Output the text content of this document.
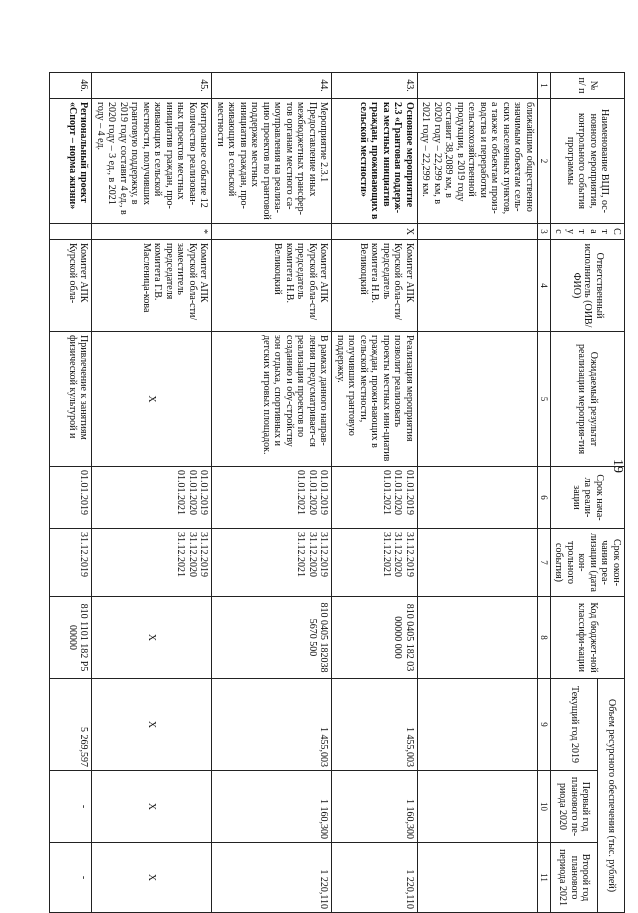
19
№ п/ п	Наименование ВЦП, ос-новного мероприятия, контрольного события программы	С т а т у с	Ответственный исполнитель (ОИВ/ФИО)	Ожидаемый результат реализации мероприя-тия	Срок нача-ла реали-зации	Срок окон-чания реа-лизации (дата кон-трольного события)	Код бюджет-ной классифи-кации	Объем ресурсного обеспечения (тыс. рублей)		
								Текущий год 2019	Первый год планового пе-риода 2020	Второй год планового периода 2021
1	2	3	4	5	6	7	8	9	10	11
	ближайшим общественно значимым объектам сель-ских населенных пунктов, а также к объектам произ-водства и переработки сельскохозяйственной продукции, в 2019 году составит 38,2089 км, в 2020 году – 22,299 км, в 2021 году – 22,299 км.									
43.	Основное мероприятие 2.3 «Грантовая поддерж-ка местных инициатив граждан, проживающих в сельской местности»	Х	Комитет АПК Курской обла-сти/председатель комитета Н.В. Великоцкий	Реализация мероприятия позволит реализовать проекты местных ини-циатив граждан, прожи-вающих в сельской местности, получивших грантовую поддержку.	01.01.2019 01.01.2020 01.01.2021	31.12.2019 31.12.2020 31.12.2021	810 0405 182 03 00000 000	1 455,003	1 160,300	1 220,110
44.	Мероприятие 2.3.1 Предоставление иных межбюджетных трансфер-тов органам местного са-моуправления на реализа-цию проектов по грантовой поддержке местных инициатив граждан, про-живающих в сельской местности		Комитет АПК Курской обла-сти/председатель комитета Н.В. Великоцкий	В рамках данного направ-ления предусматривает-ся реализация проектов по созданию и обу-стройству зон отдыха, спортивных и детских игровых площадок.	01.01.2019 01.01.2020 01.01.2021	31.12.2019 31.12.2020 31.12.2021	810 0405 182038 5670 500	1 455,003	1 160,300	1 220,110
45.	Контрольное событие 12 Количество реализован-ных проектов местных инициатив граждан, про-живающих в сельской местности, получивших грантовую поддержку, в 2019 году составит 4 ед., в 2020 году – 3 ед., в 2021 году – 4 ед.	*	Комитет АПК Курской обла-сти/заместитель председателя комитета Г.В. Масленица-кова	Х	01.01.2019 01.01.2020 01.01.2021	31.12.2019 31.12.2020 31.12.2021	Х	Х	Х	Х
46.	Региональный проект «Спорт – норма жизни»		Комитет АПК Курской обла-	Привлечение к занятиям физической культурой и	01.01.2019	31.12.2019	810 1101 182 Р5 00000	5 269,597	-	-
